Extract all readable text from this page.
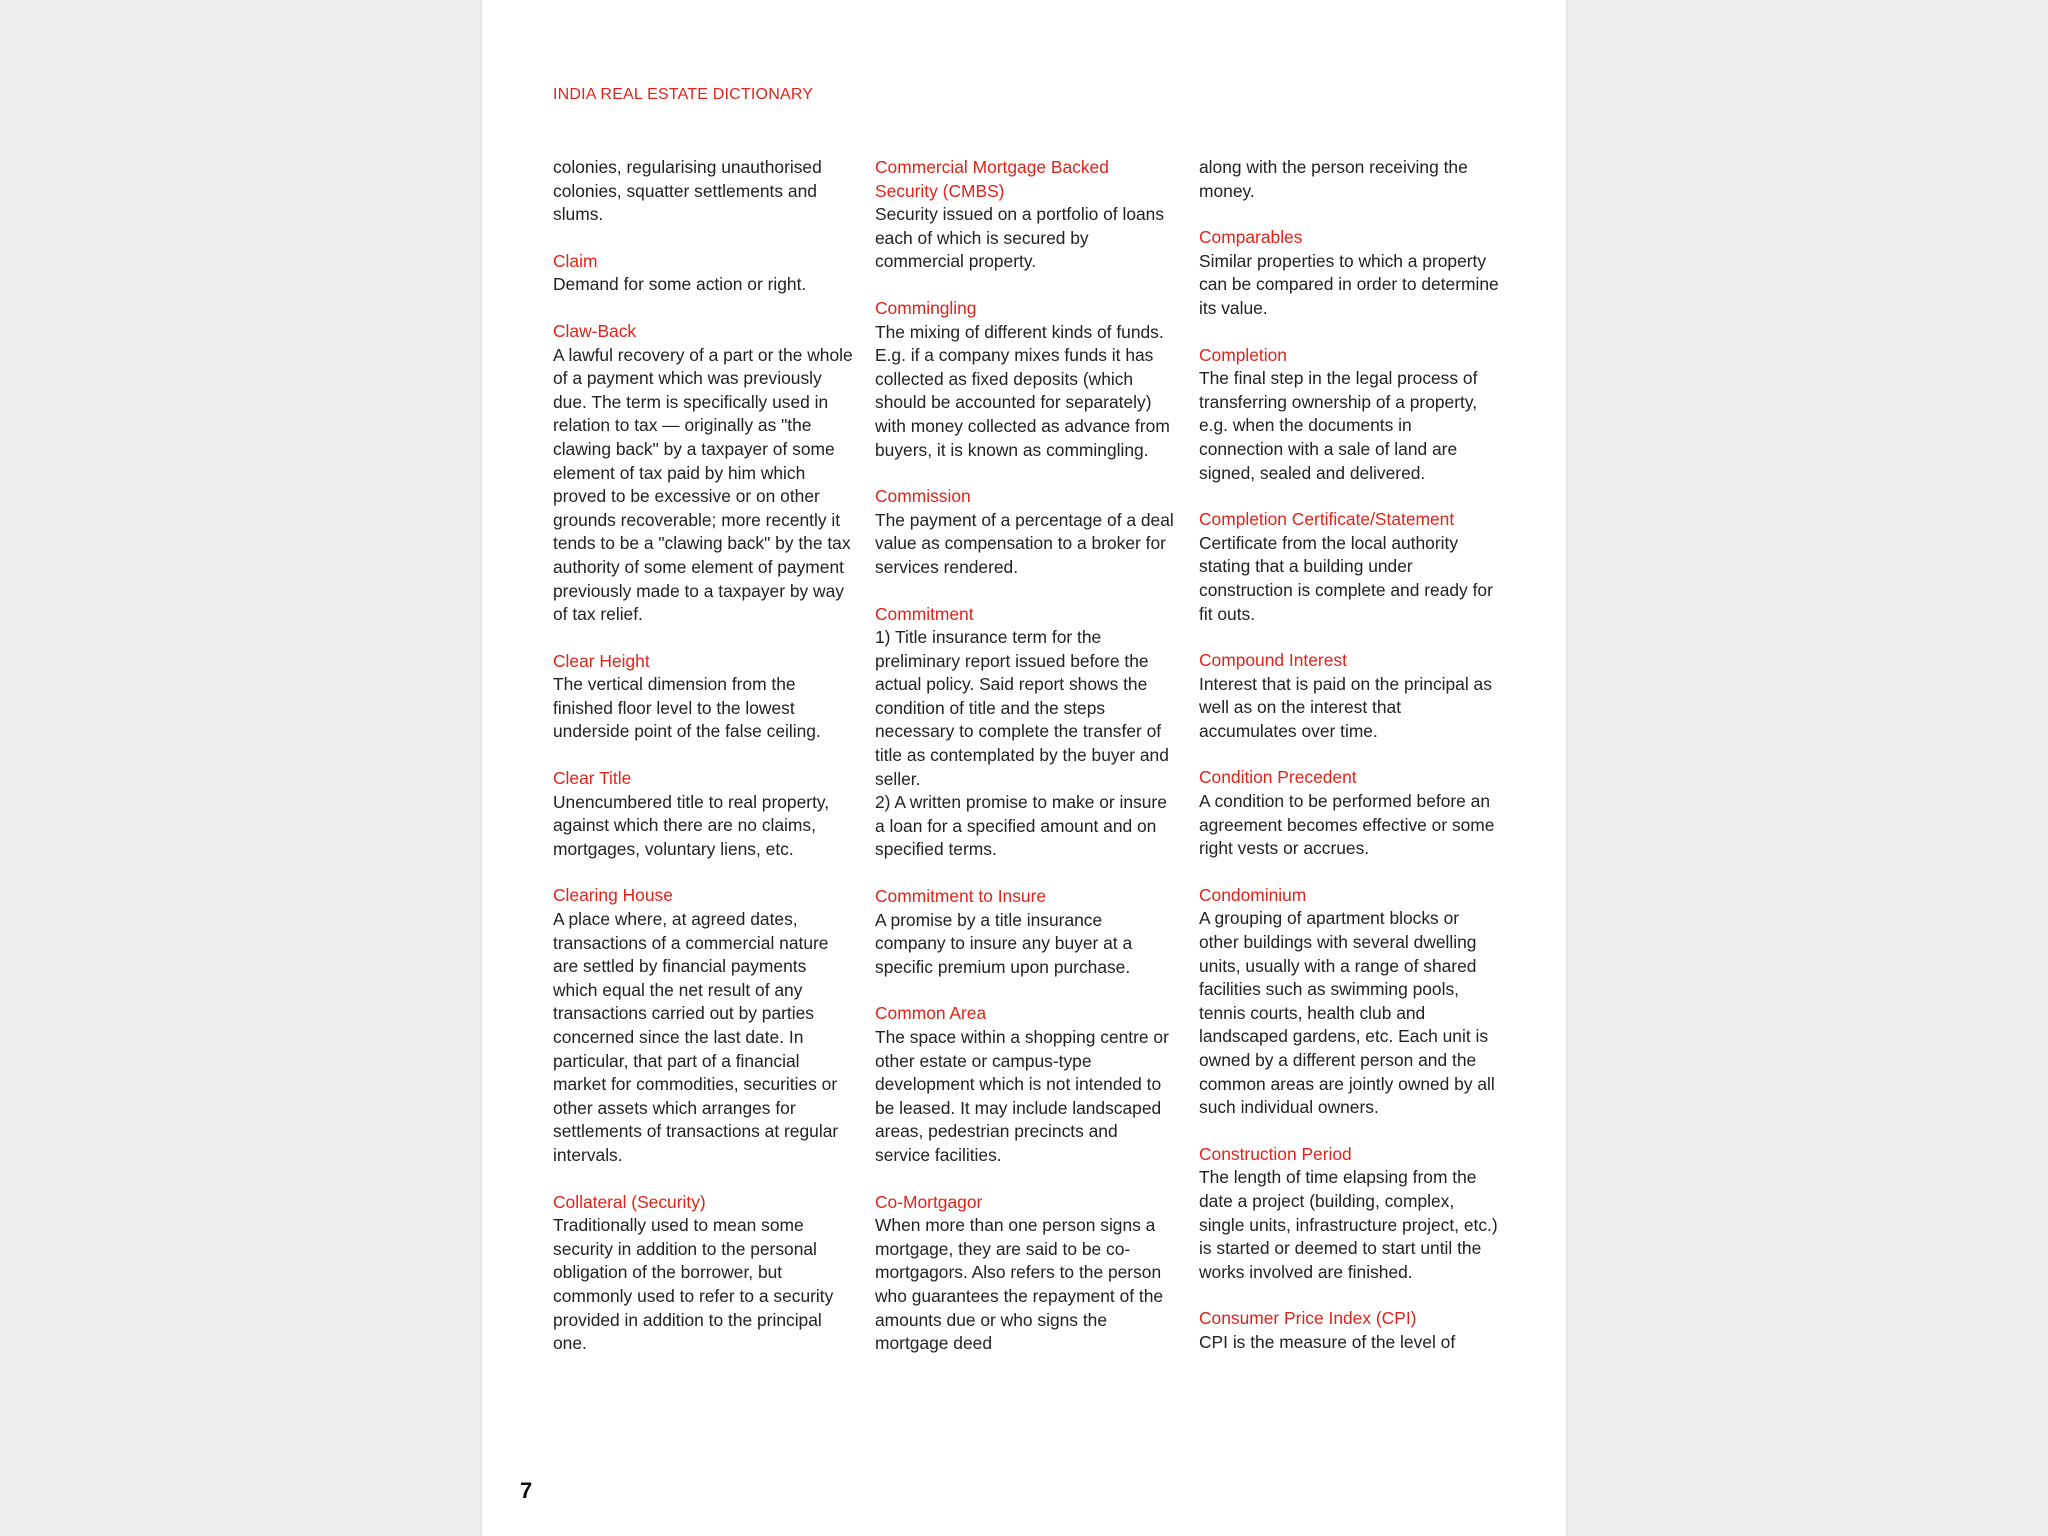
INDIA REAL ESTATE DICTIONARY
colonies, regularising unauthorised colonies, squatter settlements and slums.
Claim
Demand for some action or right.
Claw-Back
A lawful recovery of a part or the whole of a payment which was previously due. The term is specifically used in relation to tax — originally as "the clawing back" by a taxpayer of some element of tax paid by him which proved to be excessive or on other grounds recoverable; more recently it tends to be a "clawing back" by the tax authority of some element of payment previously made to a taxpayer by way of tax relief.
Clear Height
The vertical dimension from the finished floor level to the lowest underside point of the false ceiling.
Clear Title
Unencumbered title to real property, against which there are no claims, mortgages, voluntary liens, etc.
Clearing House
A place where, at agreed dates, transactions of a commercial nature are settled by financial payments which equal the net result of any transactions carried out by parties concerned since the last date. In particular, that part of a financial market for commodities, securities or other assets which arranges for settlements of transactions at regular intervals.
Collateral (Security)
Traditionally used to mean some security in addition to the personal obligation of the borrower, but commonly used to refer to a security provided in addition to the principal one.
Commercial Mortgage Backed Security (CMBS)
Security issued on a portfolio of loans each of which is secured by commercial property.
Commingling
The mixing of different kinds of funds. E.g. if a company mixes funds it has collected as fixed deposits (which should be accounted for separately) with money collected as advance from buyers, it is known as commingling.
Commission
The payment of a percentage of a deal value as compensation to a broker for services rendered.
Commitment
1) Title insurance term for the preliminary report issued before the actual policy. Said report shows the condition of title and the steps necessary to complete the transfer of title as contemplated by the buyer and seller.
2) A written promise to make or insure a loan for a specified amount and on specified terms.
Commitment to Insure
A promise by a title insurance company to insure any buyer at a specific premium upon purchase.
Common Area
The space within a shopping centre or other estate or campus-type development which is not intended to be leased. It may include landscaped areas, pedestrian precincts and service facilities.
Co-Mortgagor
When more than one person signs a mortgage, they are said to be co-mortgagors. Also refers to the person who guarantees the repayment of the amounts due or who signs the mortgage deed
along with the person receiving the money.
Comparables
Similar properties to which a property can be compared in order to determine its value.
Completion
The final step in the legal process of transferring ownership of a property, e.g. when the documents in connection with a sale of land are signed, sealed and delivered.
Completion Certificate/Statement
Certificate from the local authority stating that a building under construction is complete and ready for fit outs.
Compound Interest
Interest that is paid on the principal as well as on the interest that accumulates over time.
Condition Precedent
A condition to be performed before an agreement becomes effective or some right vests or accrues.
Condominium
A grouping of apartment blocks or other buildings with several dwelling units, usually with a range of shared facilities such as swimming pools, tennis courts, health club and landscaped gardens, etc. Each unit is owned by a different person and the common areas are jointly owned by all such individual owners.
Construction Period
The length of time elapsing from the date a project (building, complex, single units, infrastructure project, etc.) is started or deemed to start until the works involved are finished.
Consumer Price Index (CPI)
CPI is the measure of the level of
7
